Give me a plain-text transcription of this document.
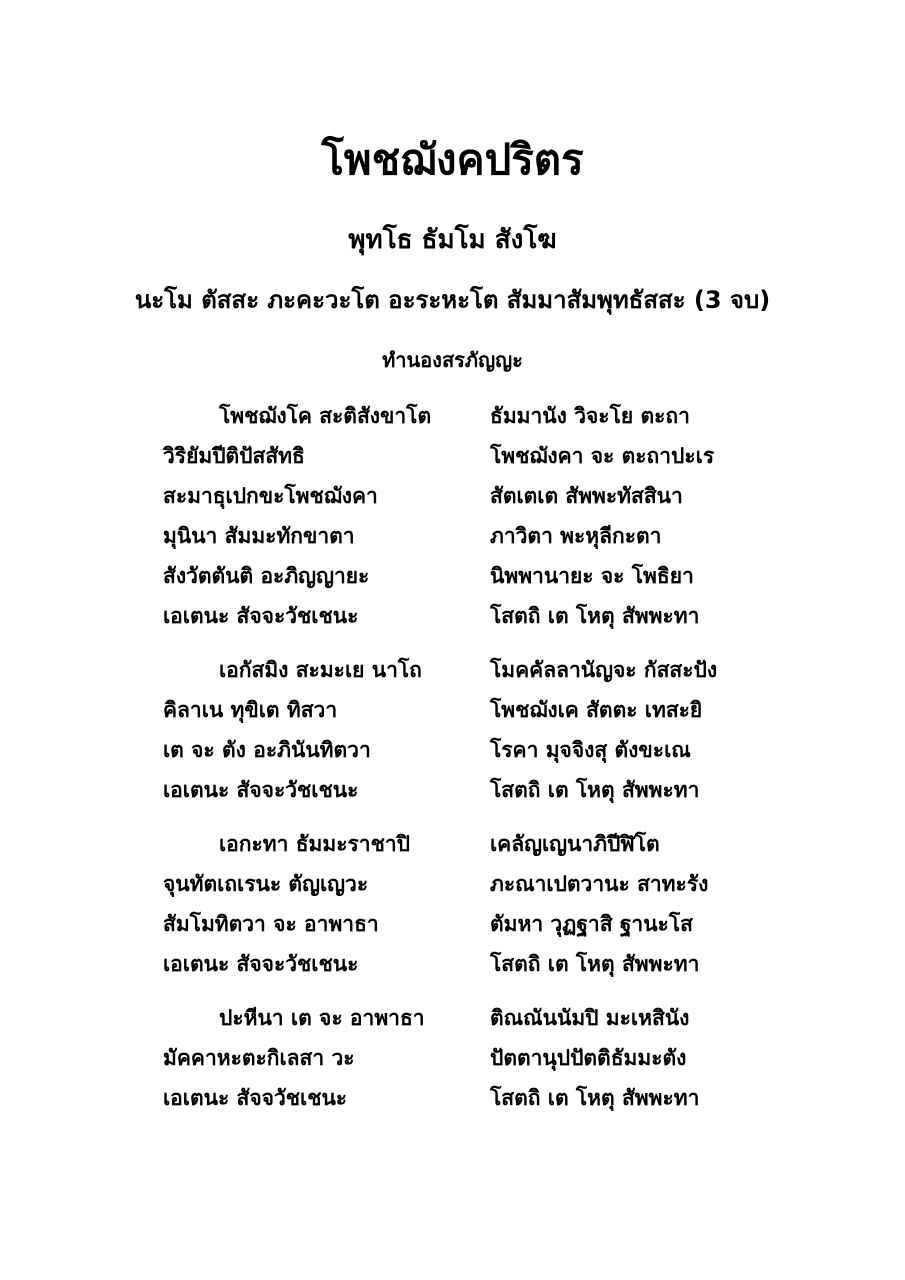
โพชฌังคปริตร
พุทโธ ธัมโม สังโฆ
นะโม ตัสสะ ภะคะวะโต อะระหะโต สัมมาสัมพุทธัสสะ (3 จบ)
ทำนองสรภัญญะ
โพชฌังโค สะติสังขาโต	ธัมมานัง วิจะโย ตะถา
วิริยัมปีติปัสสัทธิ	โพชฌังคา จะ ตะถาปะเร
สะมาธุเปกขะโพชฌังคา	สัตเตเต สัพพะทัสสินา
มุนินา สัมมะทักขาตา	ภาวิตา พะหุลีกะตา
สังวัตตันติ อะภิญญายะ	นิพพานายะ จะ โพธิยา
เอเตนะ สัจจะวัชเชนะ	โสตถิ เต โหตุ สัพพะทา
เอกัสมิง สะมะเย นาโถ	โมคคัลลานัญจะ กัสสะปัง
คิลาเน ทุขิเต ทิสวา	โพชฌังเค สัตตะ เทสะยิ
เต จะ ตัง อะภินันทิตวา	โรคา มุจจิงสุ ตังขะเณ
เอเตนะ สัจจะวัชเชนะ	โสตถิ เต โหตุ สัพพะทา
เอกะทา ธัมมะราชาปิ	เคลัญเญนาภิปีฬิโต
จุนทัตเถเรนะ ตัญเญวะ	ภะณาเปตวานะ สาทะรัง
สัมโมทิตวา จะ อาพาธา	ตัมหา วุฏฐาสิ ฐานะโส
เอเตนะ สัจจะวัชเชนะ	โสตถิ เต โหตุ สัพพะทา
ปะหีนา เต จะ อาพาธา	ติณณันนัมปิ มะเหสินัง
มัคคาหะตะกิเลสา วะ	ปัตตานุปปัตติธัมมะตัง
เอเตนะ สัจจวัชเชนะ	โสตถิ เต โหตุ สัพพะทา
